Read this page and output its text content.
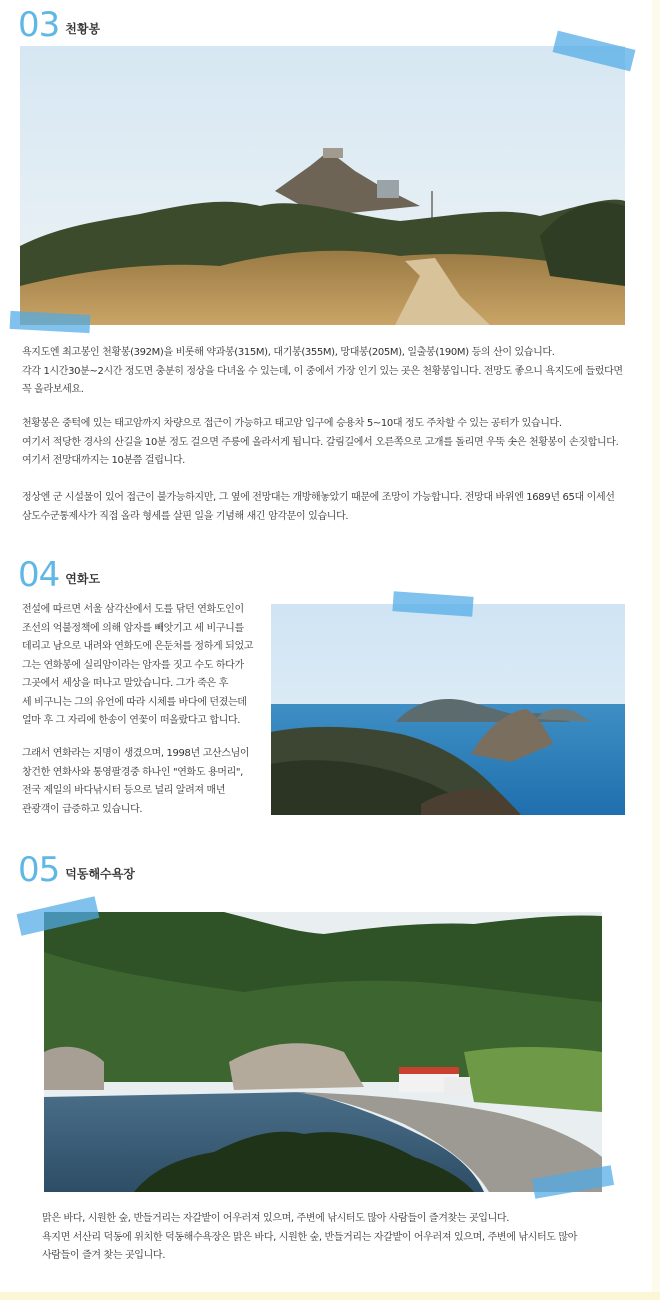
03 천황봉
욕지도엔 최고봉인 천황봉(392M)을 비롯해 약과봉(315M), 대기봉(355M), 망대봉(205M), 일출봉(190M) 등의 산이 있습니다.
각각 1시간30분~2시간 정도면 충분히 정상을 다녀올 수 있는데, 이 중에서 가장 인기 있는 곳은 천황봉입니다. 전망도 좋으니 욕지도에 들렀다면
꼭 올라보세요.
천황봉은 중턱에 있는 태고암까지 차량으로 접근이 가능하고 태고암 입구에 승용차 5~10대 정도 주차할 수 있는 공터가 있습니다.
여기서 적당한 경사의 산길을 10분 정도 걸으면 주릉에 올라서게 됩니다. 갈림길에서 오른쪽으로 고개를 돌리면 우뚝 솟은 천황봉이 손짓합니다.
여기서 전망대까지는 10분쯤 걸립니다.
정상엔 군 시설물이 있어 접근이 불가능하지만, 그 옆에 전망대는 개방해놓았기 때문에 조망이 가능합니다. 전망대 바위엔 1689년 65대 이세선
삼도수군통제사가 직접 올라 형세를 살핀 일을 기념해 새긴 암각문이 있습니다.
04 연화도
전설에 따르면 서울 삼각산에서 도를 닦던 연화도인이
조선의 억불정책에 의해 암자를 빼앗기고 세 비구니를
데리고 남으로 내려와 연화도에 은둔처를 정하게 되었고
그는 연화봉에 실리암이라는 암자를 짓고 수도 하다가
그곳에서 세상을 떠나고 말았습니다. 그가 죽은 후
세 비구니는 그의 유언에 따라 시체를 바다에 던졌는데
얼마 후 그 자리에 한송이 연꽃이 떠올랐다고 합니다.
그래서 연화라는 지명이 생겼으며, 1998년 고산스님이
창건한 연화사와 통영팔경중 하나인 "연화도 용머리",
전국 제일의 바다낚시터 등으로 널리 알려져 매년
관광객이 급증하고 있습니다.
05 덕동해수욕장
맑은 바다, 시원한 숲, 반들거리는 자갈밭이 어우러져 있으며, 주변에 낚시터도 많아 사람들이 즐겨찾는 곳입니다.
욕지면 서산리 덕동에 위치한 덕동해수욕장은 맑은 바다, 시원한 숲, 반들거리는 자갈밭이 어우러져 있으며, 주변에 낚시터도 많아
사람들이 즐겨 찾는 곳입니다.
